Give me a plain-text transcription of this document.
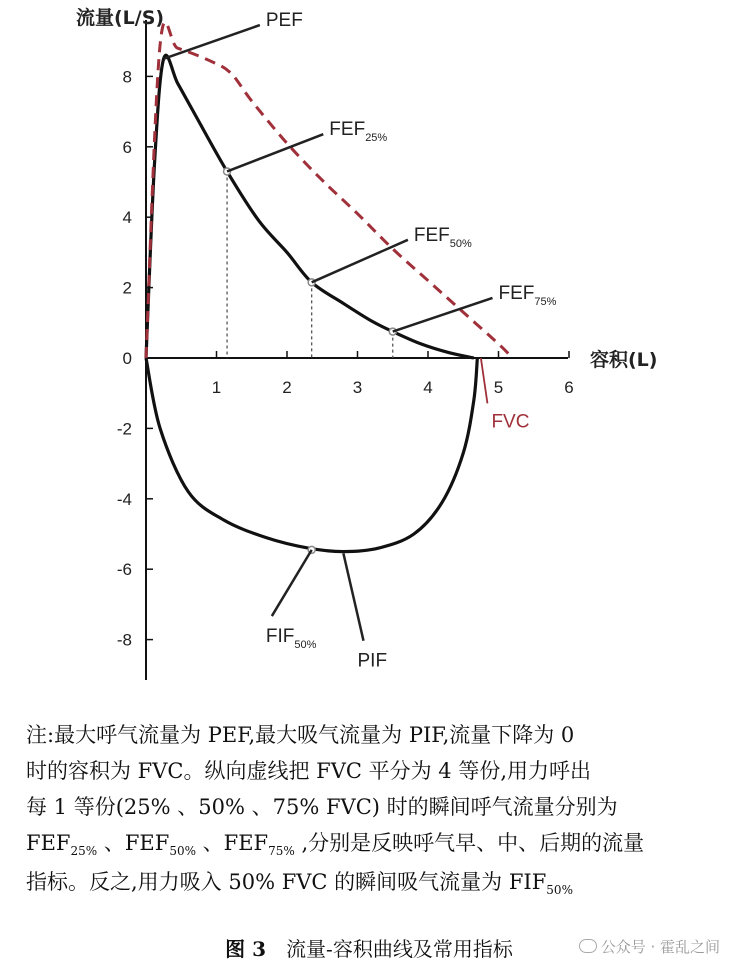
流量(L/S)
容积(L)
1	2	3	4	5	6
0
8
6
4
2
-2
-4
-6
-8
PEF
$FEF_{25\%}$
$FEF_{50\%}$
$FEF_{75\%}$
FVC
$FIF_{50\%}$
PIF
注:最大呼气流量为 PEF,最大吸气流量为 PIF,流量下降为 0
时的容积为 FVC。纵向虚线把 FVC 平分为 4 等份,用力呼出
每 1 等份(25% 、50% 、75% FVC) 时的瞬间呼气流量分别为
$FEF_{25\%}$ 、$FEF_{50\%}$ 、$FEF_{75\%}$ ,分别是反映呼气早、中、后期的流量
指标。反之,用力吸入 50% FVC 的瞬间吸气流量为 $FIF_{50\%}$
图 3 流量-容积曲线及常用指标	公众号 · 霍乱之间
